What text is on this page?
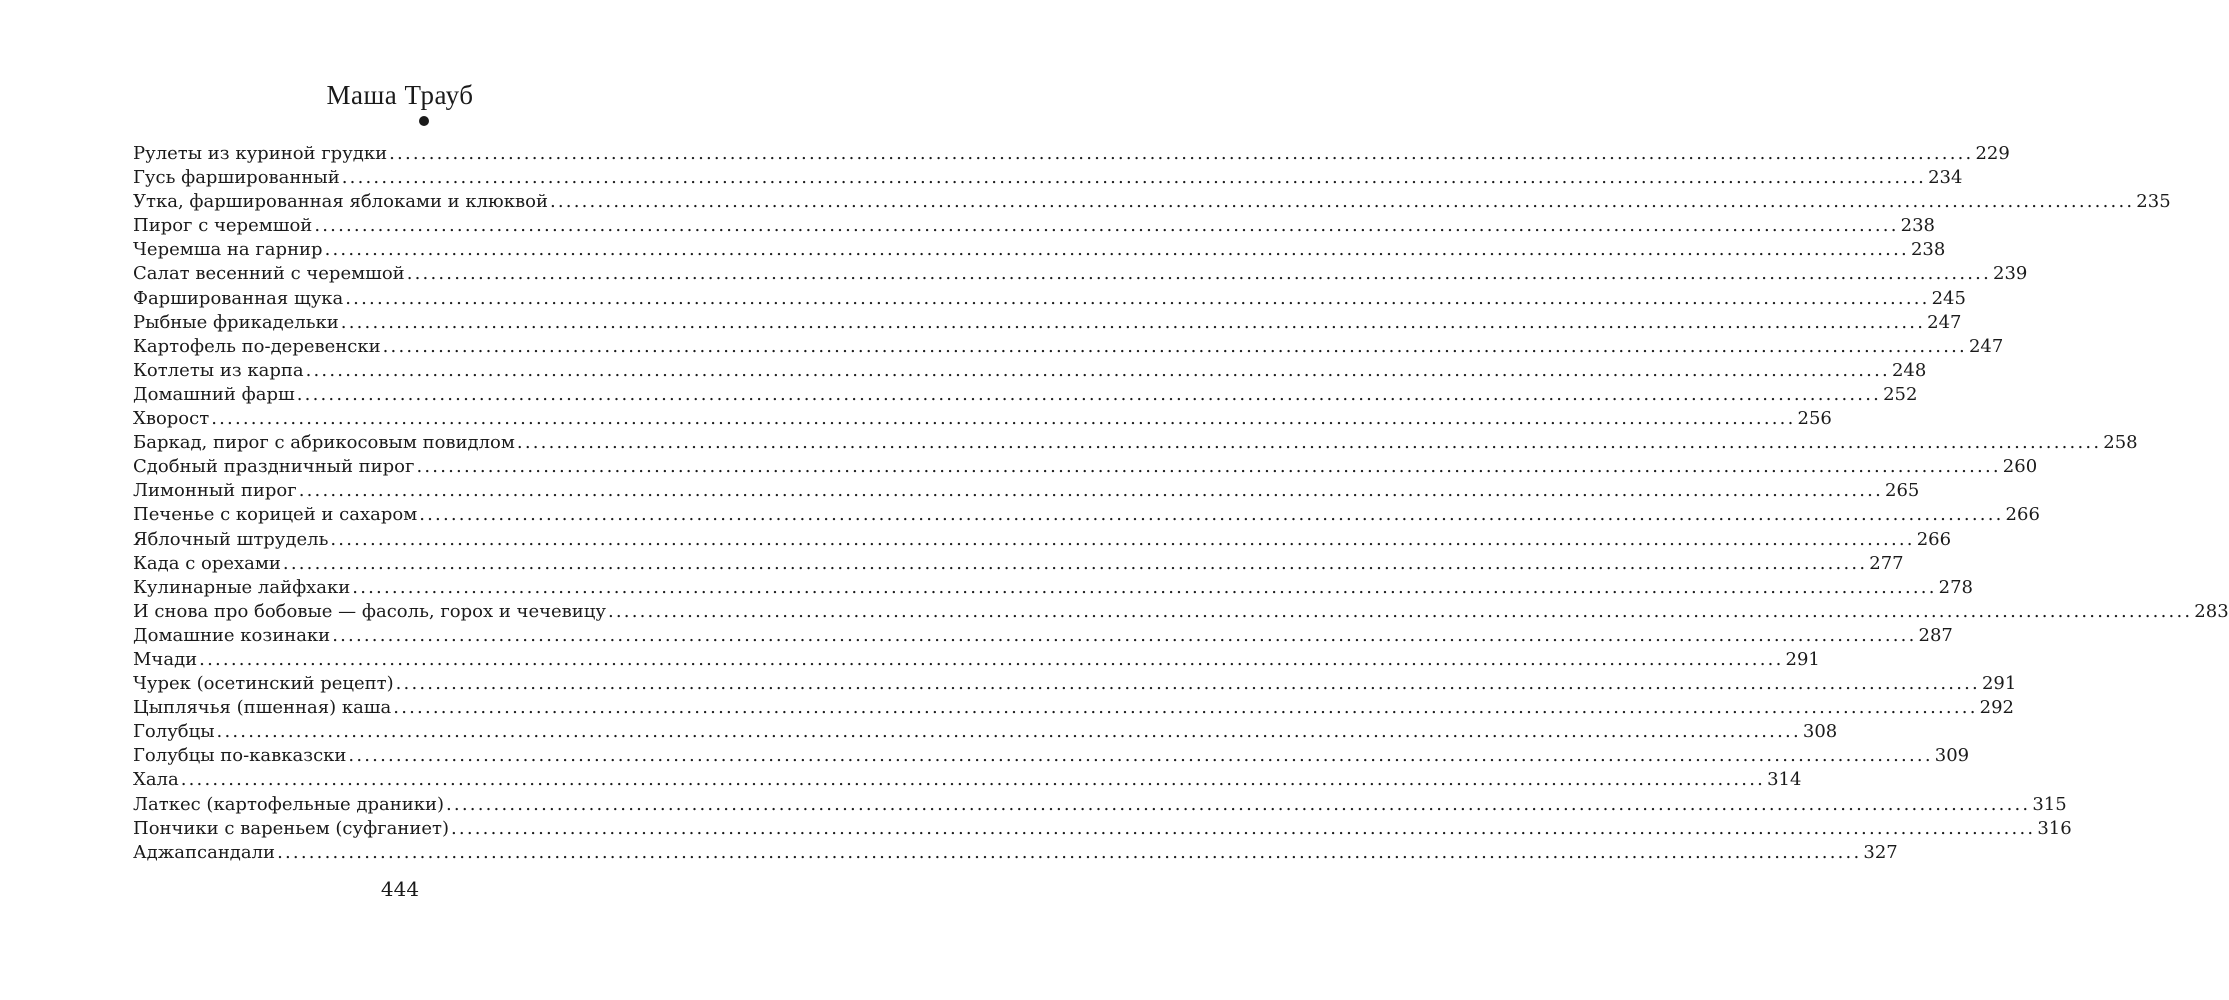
Маша Трауб
Рулеты из куриной грудки .....	229
Гусь фаршированный .....	234
Утка, фаршированная яблоками и клюквой .....	235
Пирог с черемшой .....	238
Черемша на гарнир .....	238
Салат весенний с черемшой .....	239
Фаршированная щука .....	245
Рыбные фрикадельки .....	247
Картофель по-деревенски .....	247
Котлеты из карпа .....	248
Домашний фарш .....	252
Хворост .....	256
Баркад, пирог с абрикосовым повидлом .....	258
Сдобный праздничный пирог .....	260
Лимонный пирог .....	265
Печенье с корицей и сахаром .....	266
Яблочный штрудель .....	266
Када с орехами .....	277
Кулинарные лайфхаки .....	278
И снова про бобовые — фасоль, горох и чечевицу .....	283
Домашние козинаки .....	287
Мчади .....	291
Чурек (осетинский рецепт) .....	291
Цыплячья (пшенная) каша .....	292
Голубцы .....	308
Голубцы по-кавказски .....	309
Хала .....	314
Латкес (картофельные драники) .....	315
Пончики с вареньем (суфганиет) .....	316
Аджапсандали .....	327
444
